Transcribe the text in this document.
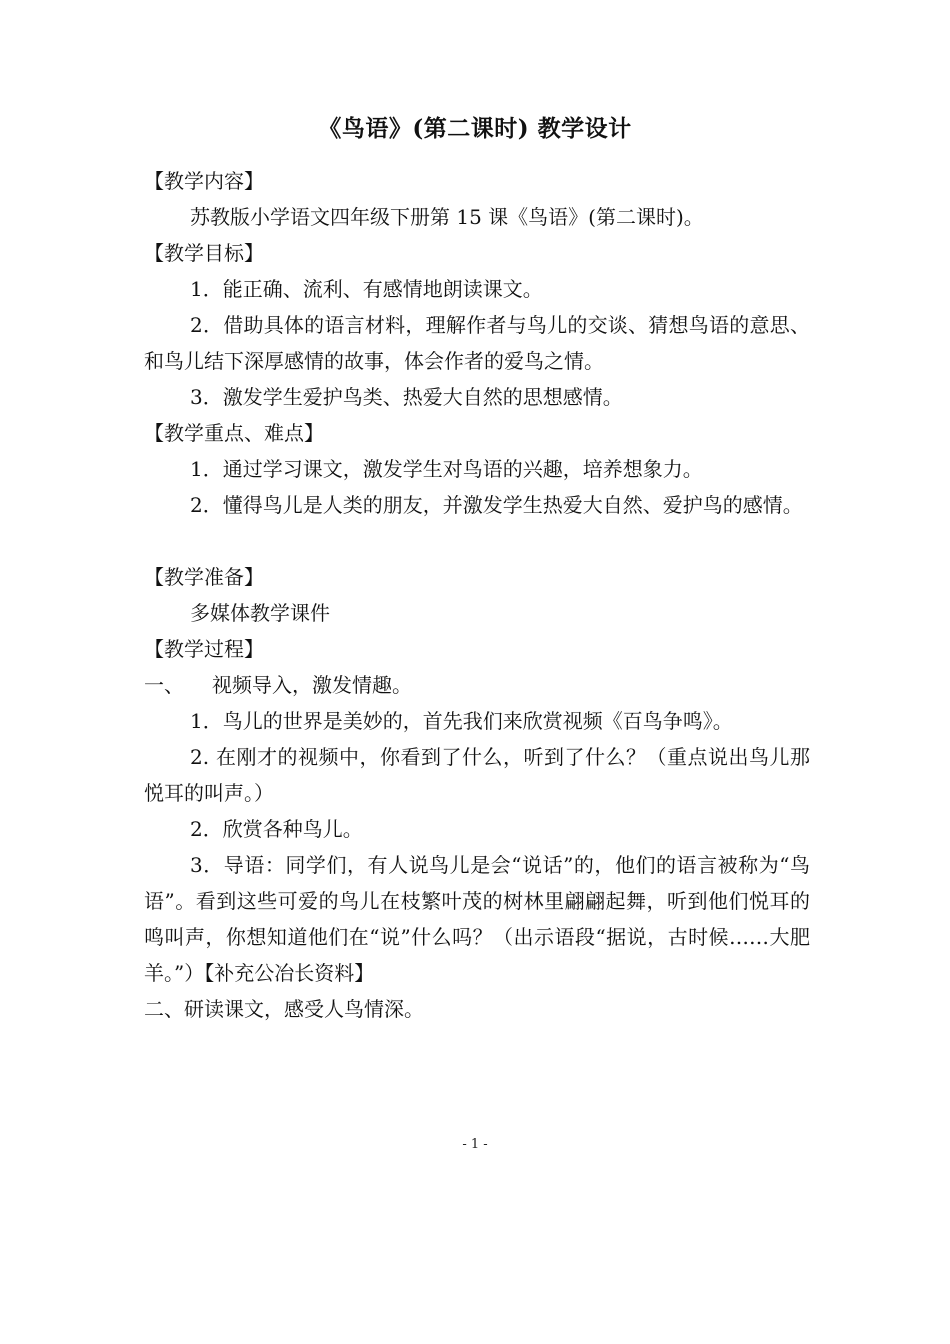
《鸟语》(第二课时) 教学设计
【教学内容】
苏教版小学语文四年级下册第 15 课《鸟语》(第二课时)。
【教学目标】
1．能正确、流利、有感情地朗读课文。
2．借助具体的语言材料，理解作者与鸟儿的交谈、猜想鸟语的意思、和鸟儿结下深厚感情的故事，体会作者的爱鸟之情。
3．激发学生爱护鸟类、热爱大自然的思想感情。
【教学重点、难点】
1．通过学习课文，激发学生对鸟语的兴趣，培养想象力。
2．懂得鸟儿是人类的朋友，并激发学生热爱大自然、爱护鸟的感情。
【教学准备】
多媒体教学课件
【教学过程】
一、 视频导入，激发情趣。
1．鸟儿的世界是美妙的，首先我们来欣赏视频《百鸟争鸣》。
2. 在刚才的视频中，你看到了什么，听到了什么？（重点说出鸟儿那悦耳的叫声。）
2．欣赏各种鸟儿。
3．导语：同学们，有人说鸟儿是会“说话”的，他们的语言被称为“鸟语”。看到这些可爱的鸟儿在枝繁叶茂的树林里翩翩起舞，听到他们悦耳的鸣叫声，你想知道他们在“说”什么吗？（出示语段“据说，古时候……大肥羊。”）【补充公冶长资料】
二、研读课文，感受人鸟情深。
- 1 -
